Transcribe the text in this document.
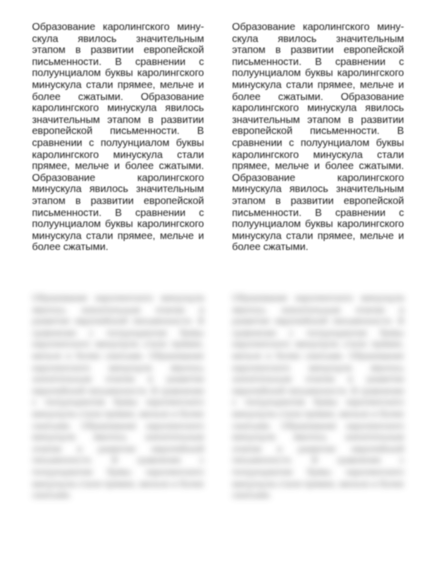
Образование каролингского минускула явилось значительным этапом в развитии европейской письменности. В сравнении с полуунциалом буквы каролингского минускула стали прямее, мельче и более сжатыми. Образование каролингского минускула явилось значительным этапом в развитии европейской письменности. В сравнении с полуунциалом буквы каролингского минускула стали прямее, мельче и более сжатыми. Образование каролингского минускула явилось значительным этапом в развитии европейской письменности. В сравнении с полуунциалом буквы каролингского минускула стали прямее, мельче и более сжатыми.

Образование каролингского минускула явилось значительным этапом в развитии европейской письменности. В сравнении с полуунциалом буквы каролингского минускула стали прямее, мельче и более сжатыми. Образование каролингского минускула явилось значительным этапом в развитии европейской письменности. В сравнении с полуунциалом буквы каролингского минускула стали прямее, мельче и более сжатыми. Образование каролингского минускула явилось значительным этапом в развитии европейской письменности. В сравнении с полуунциалом буквы каролингского минускула стали прямее, мельче и более сжатыми.

Образование каролингского минускула явилось значительным этапом в развитии европейской письменности. В сравнении с полуунциалом буквы каролингского минускула стали прямее, мельче и более сжатыми. Образование каролингского минускула явилось значительным этапом в развитии европейской письменности. В сравнении с полуунциалом буквы каролингского минускула стали прямее, мельче и более сжатыми. Образование каролингского минускула явилось значительным этапом в развитии европейской письменности. В сравнении с полуунциалом буквы каролингского минускула стали прямее, мельче и более сжатыми.

Образование каролингского минускула явилось значительным этапом в развитии европейской письменности. В сравнении с полуунциалом буквы каролингского минускула стали прямее, мельче и более сжатыми. Образование каролингского минускула явилось значительным этапом в развитии европейской письменности. В сравнении с полуунциалом буквы каролингского минускула стали прямее, мельче и более сжатыми. Образование каролингского минускула явилось значительным этапом в развитии европейской письменности. В сравнении с полуунциалом буквы каролингского минускула стали прямее, мельче и более сжатыми.
